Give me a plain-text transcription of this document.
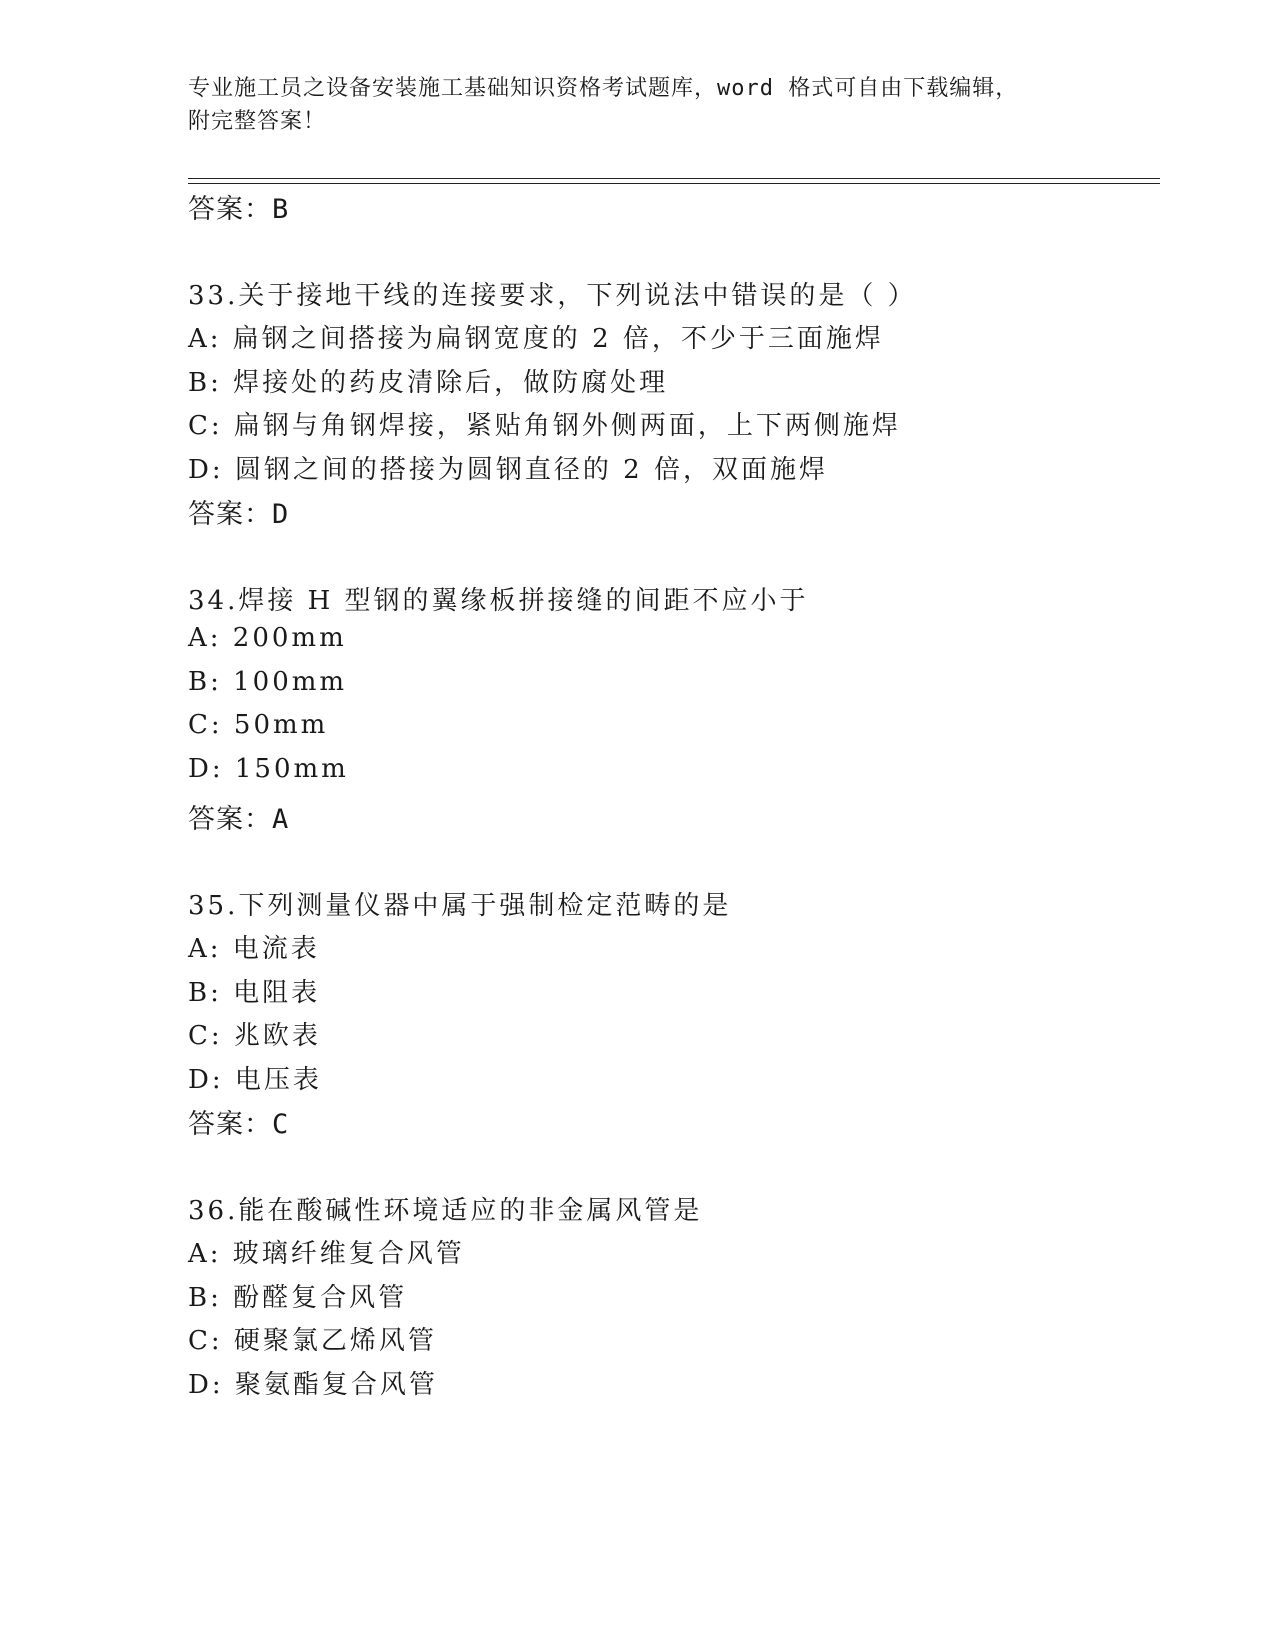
专业施工员之设备安装施工基础知识资格考试题库，word 格式可自由下载编辑，
附完整答案！
答案：B
33.关于接地干线的连接要求，下列说法中错误的是（ ）
A: 扁钢之间搭接为扁钢宽度的 2 倍，不少于三面施焊
B: 焊接处的药皮清除后，做防腐处理
C: 扁钢与角钢焊接，紧贴角钢外侧两面，上下两侧施焊
D: 圆钢之间的搭接为圆钢直径的 2 倍，双面施焊
答案：D
34.焊接 H 型钢的翼缘板拼接缝的间距不应小于
A: 200mm
B: 100mm
C: 50mm
D: 150mm
答案：A
35.下列测量仪器中属于强制检定范畴的是
A: 电流表
B: 电阻表
C: 兆欧表
D: 电压表
答案：C
36.能在酸碱性环境适应的非金属风管是
A: 玻璃纤维复合风管
B: 酚醛复合风管
C: 硬聚氯乙烯风管
D: 聚氨酯复合风管
